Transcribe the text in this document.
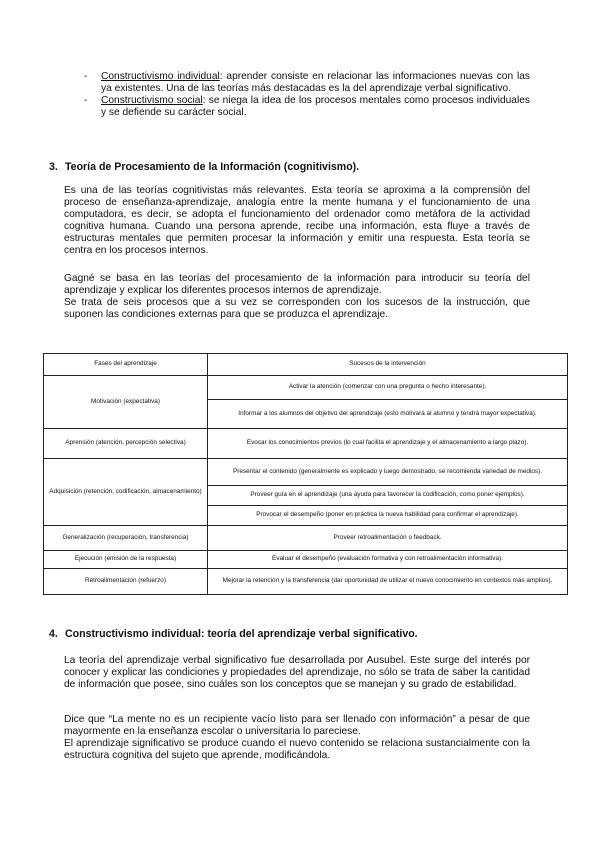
-	Constructivismo individual: aprender consiste en relacionar las informaciones nuevas con las ya existentes. Una de las teorías más destacadas es la del aprendizaje verbal significativo.
-	Constructivismo social: se niega la idea de los procesos mentales como procesos individuales y se defiende su carácter social.
3. Teoría de Procesamiento de la Información (cognitivismo).
Es una de las teorías cognitivistas más relevantes. Esta teoría se aproxima a la comprensión del proceso de enseñanza-aprendizaje, analogía entre la mente humana y el funcionamiento de una computadora, es decir, se adopta el funcionamiento del ordenador como metáfora de la actividad cognitiva humana. Cuando una persona aprende, recibe una información, esta fluye a través de estructuras mentales que permiten procesar la información y emitir una respuesta. Esta teoría se centra en los procesos internos.
Gagné se basa en las teorías del procesamiento de la información para introducir su teoría del aprendizaje y explicar los diferentes procesos internos de aprendizaje.
Se trata de seis procesos que a su vez se corresponden con los sucesos de la instrucción, que suponen las condiciones externas para que se produzca el aprendizaje.
Fases del aprendizaje	Sucesos de la intervención
Motivación (expectativa)	Activar la atención (comenzar con una pregunta o hecho interesante).
	Informar a los alumnos del objetivo del aprendizaje (esto motivará al alumno y tendrá mayor expectativa).
Aprensión (atención, percepción selectiva)	Evocar los conocimientos previos (lo cual facilita el aprendizaje y el almacenamiento a largo plazo).
Adquisición (retención, codificación, almacenamiento)	Presentar el contenido (generalmente es explicado y luego demostrado, se recomienda variedad de medios).
	Proveer guía en el aprendizaje (una ayuda para favorecer la codificación, como poner ejemplos).
	Provocar el desempeño (poner en práctica la nueva habilidad para confirmar el aprendizaje).
Generalización (recuperación, transferencia)	Proveer retroalimentación o feedback.
Ejecución (emisión de la respuesta)	Evaluar el desempeño (evaluación formativa y con retroalimentación informativa).
Retroalimentación (refuerzo)	Mejorar la retención y la transferencia (dar oportunidad de utilizar el nuevo conocimiento en contextos más amplios).
4. Constructivismo individual: teoría del aprendizaje verbal significativo.
La teoría del aprendizaje verbal significativo fue desarrollada por Ausubel. Este surge del interés por conocer y explicar las condiciones y propiedades del aprendizaje, no sólo se trata de saber la cantidad de información que posee, sino cuáles son los conceptos que se manejan y su grado de estabilidad.
Dice que “La mente no es un recipiente vacío listo para ser llenado con información” a pesar de que mayormente en la enseñanza escolar o universitaria lo pareciese.
El aprendizaje significativo se produce cuando el nuevo contenido se relaciona sustancialmente con la estructura cognitiva del sujeto que aprende, modificándola.
